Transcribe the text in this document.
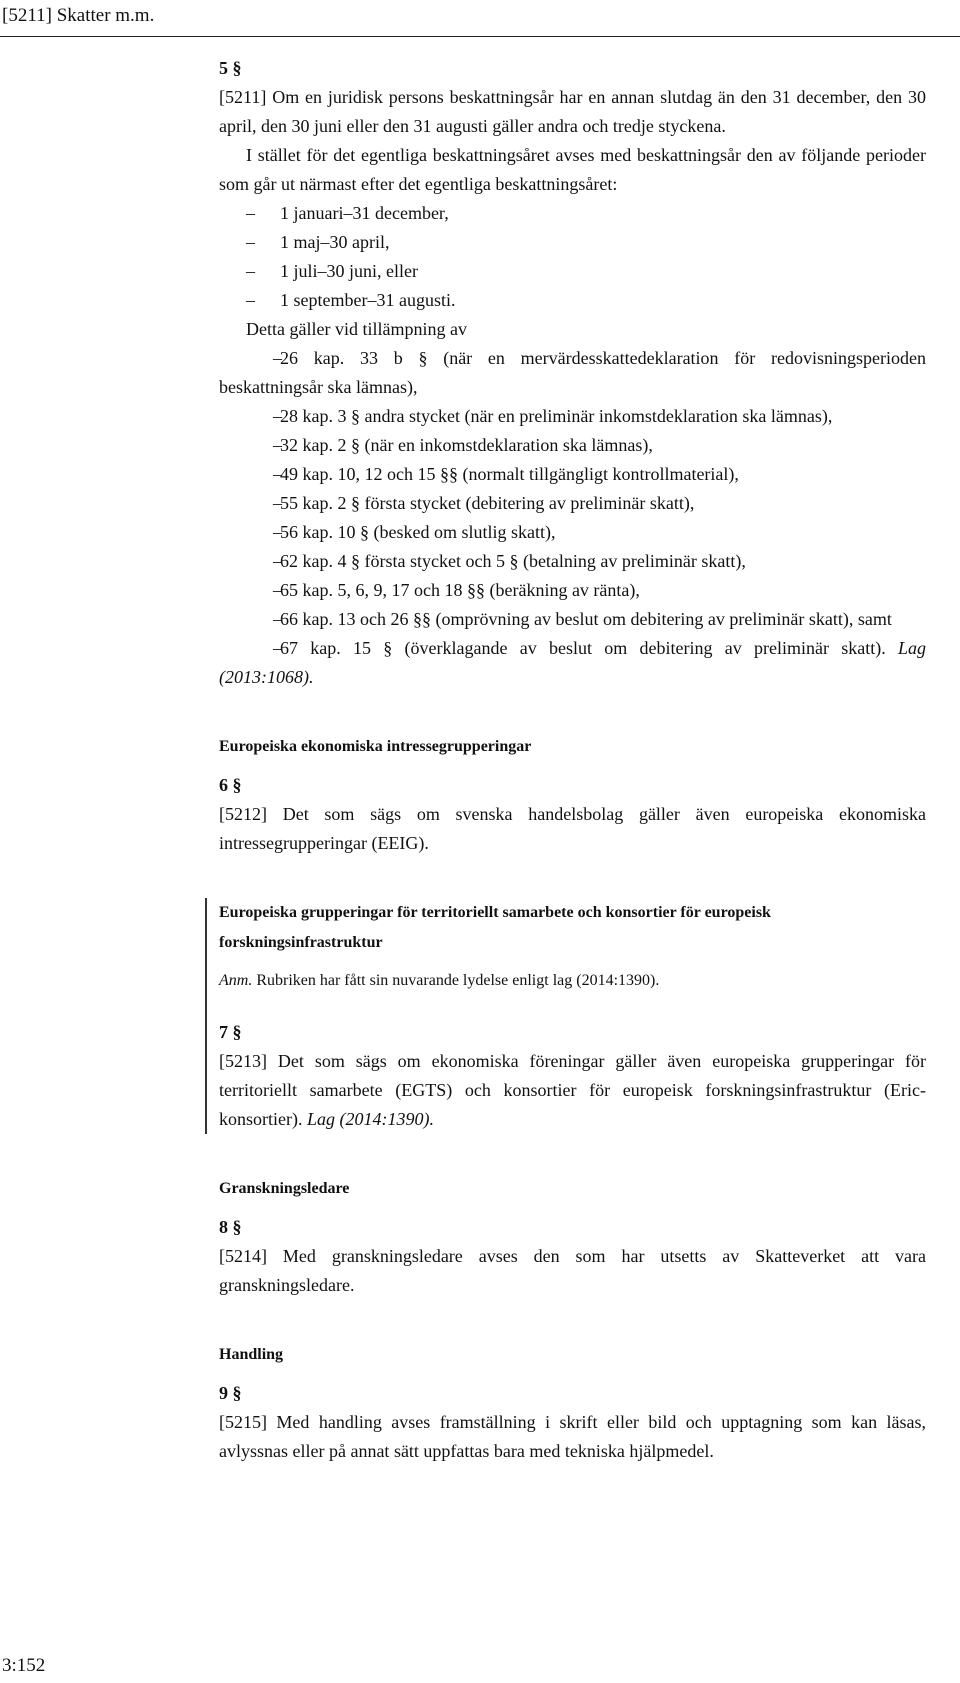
[5211] Skatter m.m.

5 §

[5211] Om en juridisk persons beskattningsår har en annan slutdag än den 31 december, den 30 april, den 30 juni eller den 31 augusti gäller andra och tredje styckena.

I stället för det egentliga beskattningsåret avses med beskattningsår den av följande perioder som går ut närmast efter det egentliga beskattningsåret:

– 1 januari–31 december,

– 1 maj–30 april,

– 1 juli–30 juni, eller

– 1 september–31 augusti.

Detta gäller vid tillämpning av

–26 kap. 33 b § (när en mervärdesskattedeklaration för redovisningsperioden beskattningsår ska lämnas),

–28 kap. 3 § andra stycket (när en preliminär inkomstdeklaration ska lämnas),

–32 kap. 2 § (när en inkomstdeklaration ska lämnas),

–49 kap. 10, 12 och 15 §§ (normalt tillgängligt kontrollmaterial),

–55 kap. 2 § första stycket (debitering av preliminär skatt),

–56 kap. 10 § (besked om slutlig skatt),

–62 kap. 4 § första stycket och 5 § (betalning av preliminär skatt),

–65 kap. 5, 6, 9, 17 och 18 §§ (beräkning av ränta),

–66 kap. 13 och 26 §§ (omprövning av beslut om debitering av preliminär skatt), samt

–67 kap. 15 § (överklagande av beslut om debitering av preliminär skatt). Lag (2013:1068).

Europeiska ekonomiska intressegrupperingar

6 §

[5212] Det som sägs om svenska handelsbolag gäller även europeiska ekonomiska intressegrupperingar (EEIG).

Europeiska grupperingar för territoriellt samarbete och konsortier för europeisk forskningsinfrastruktur

Anm. Rubriken har fått sin nuvarande lydelse enligt lag (2014:1390).

7 §

[5213] Det som sägs om ekonomiska föreningar gäller även europeiska grupperingar för territoriellt samarbete (EGTS) och konsortier för europeisk forskningsinfrastruktur (Eric-konsortier). Lag (2014:1390).

Granskningsledare

8 §

[5214] Med granskningsledare avses den som har utsetts av Skatteverket att vara granskningsledare.

Handling

9 §

[5215] Med handling avses framställning i skrift eller bild och upptagning som kan läsas, avlyssnas eller på annat sätt uppfattas bara med tekniska hjälpmedel.

3:152
